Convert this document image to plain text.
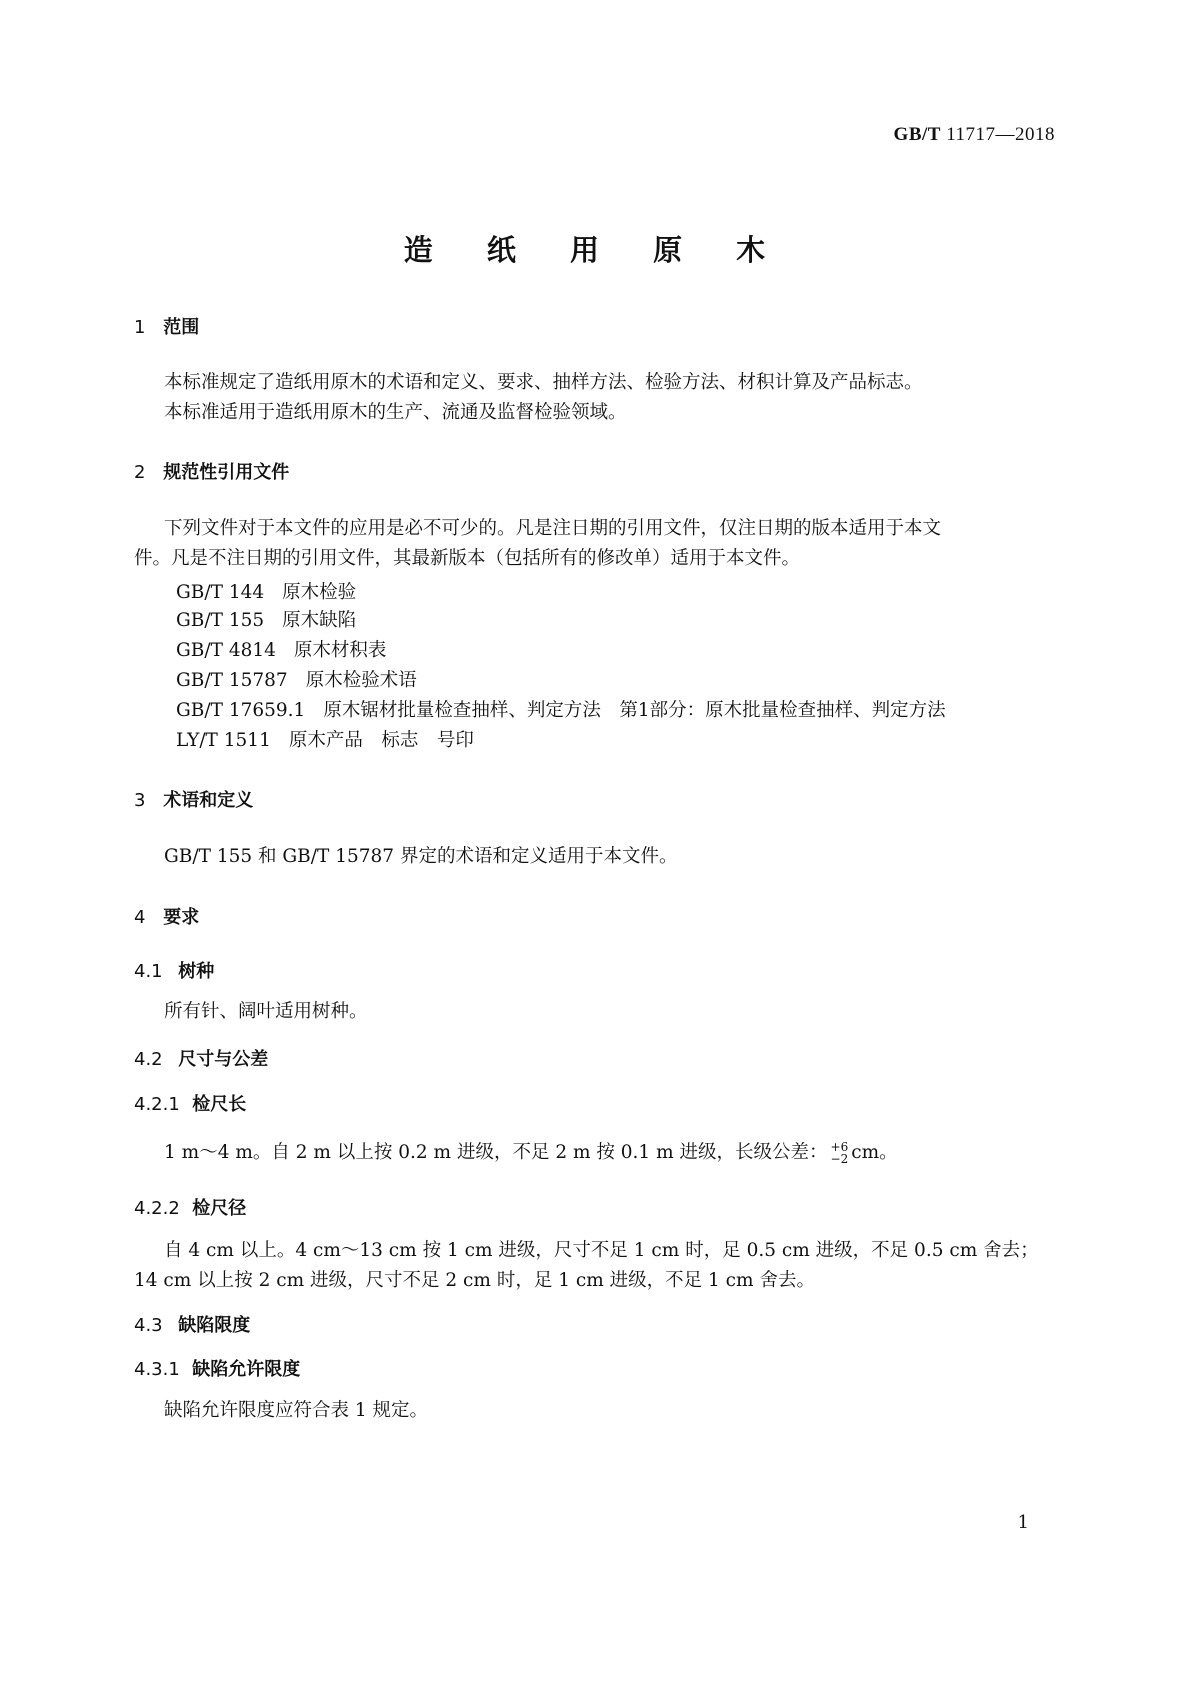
GB/T 11717—2018
造 纸 用 原 木
1 范围
本标准规定了造纸用原木的术语和定义、要求、抽样方法、检验方法、材积计算及产品标志。
本标准适用于造纸用原木的生产、流通及监督检验领域。
2 规范性引用文件
下列文件对于本文件的应用是必不可少的。凡是注日期的引用文件，仅注日期的版本适用于本文
件。凡是不注日期的引用文件，其最新版本（包括所有的修改单）适用于本文件。
GB/T 144 原木检验
GB/T 155 原木缺陷
GB/T 4814 原木材积表
GB/T 15787 原木检验术语
GB/T 17659.1 原木锯材批量检查抽样、判定方法　第1部分：原木批量检查抽样、判定方法
LY/T 1511 原木产品　标志　号印
3 术语和定义
GB/T 155 和 GB/T 15787 界定的术语和定义适用于本文件。
4 要求
4.1 树种
所有针、阔叶适用树种。
4.2 尺寸与公差
4.2.1 检尺长
1 m～4 m。自 2 m 以上按 0.2 m 进级，不足 2 m 按 0.1 m 进级，长级公差： +6
−2 cm。
4.2.2 检尺径
自 4 cm 以上。4 cm～13 cm 按 1 cm 进级，尺寸不足 1 cm 时，足 0.5 cm 进级，不足 0.5 cm 舍去；
14 cm 以上按 2 cm 进级，尺寸不足 2 cm 时，足 1 cm 进级，不足 1 cm 舍去。
4.3 缺陷限度
4.3.1 缺陷允许限度
缺陷允许限度应符合表 1 规定。
1
